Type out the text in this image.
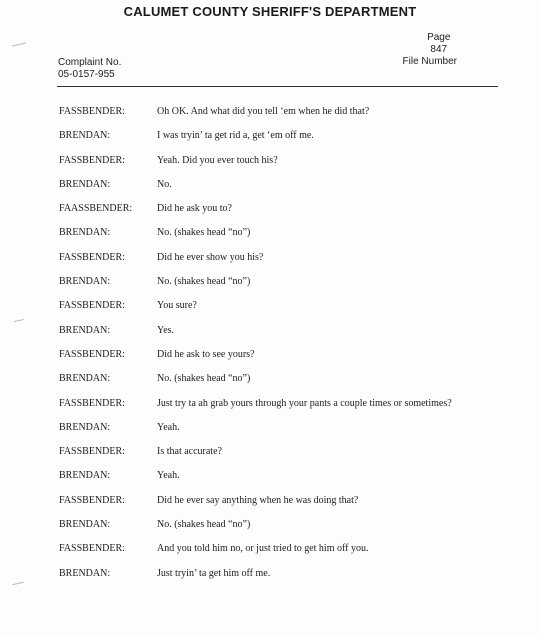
CALUMET COUNTY SHERIFF'S DEPARTMENT
Page
847
File Number
Complaint No.
05-0157-955
FASSBENDER:	Oh OK. And what did you tell ‘em when he did that?
BRENDAN:	I was tryin’ ta get rid a, get ‘em off me.
FASSBENDER:	Yeah. Did you ever touch his?
BRENDAN:	No.
FAASSBENDER: Did he ask you to?
BRENDAN:	No. (shakes head “no”)
FASSBENDER:	Did he ever show you his?
BRENDAN:	No. (shakes head “no”)
FASSBENDER:	You sure?
BRENDAN:	Yes.
FASSBENDER:	Did he ask to see yours?
BRENDAN:	No. (shakes head “no”)
FASSBENDER:	Just try ta ah grab yours through your pants a couple times or sometimes?
BRENDAN:	Yeah.
FASSBENDER:	Is that accurate?
BRENDAN:	Yeah.
FASSBENDER:	Did he ever say anything when he was doing that?
BRENDAN:	No. (shakes head “no”)
FASSBENDER:	And you told him no, or just tried to get him off you.
BRENDAN:	Just tryin’ ta get him off me.
